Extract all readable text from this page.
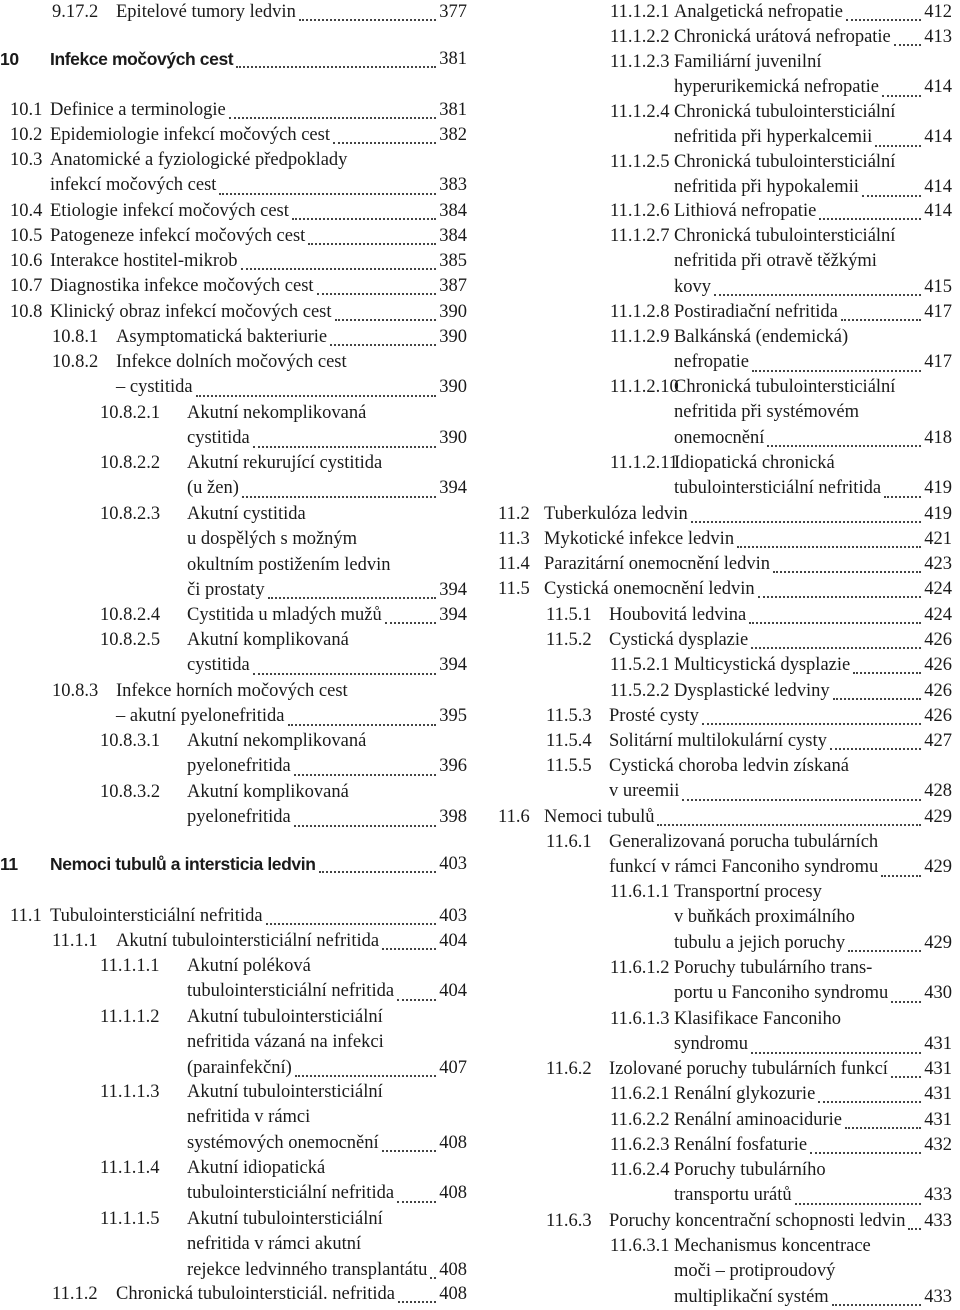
9.17.2 Epitelové tumory ledvin	377
10 Infekce močových cest	381
10.1 Definice a terminologie	381
10.2 Epidemiologie infekcí močových cest	382
10.3 Anatomické a fyziologické předpoklady
infekcí močových cest	383
10.4 Etiologie infekcí močových cest	384
10.5 Patogeneze infekcí močových cest	384
10.6 Interakce hostitel-mikrob	385
10.7 Diagnostika infekce močových cest	387
10.8 Klinický obraz infekcí močových cest	390
10.8.1 Asymptomatická bakteriurie	390
10.8.2 Infekce dolních močových cest
– cystitida	390
10.8.2.1 Akutní nekomplikovaná
cystitida	390
10.8.2.2 Akutní rekurující cystitida
(u žen)	394
10.8.2.3 Akutní cystitida
u dospělých s možným
okultním postižením ledvin
či prostaty	394
10.8.2.4 Cystitida u mladých mužů	394
10.8.2.5 Akutní komplikovaná
cystitida	394
10.8.3 Infekce horních močových cest
– akutní pyelonefritida	395
10.8.3.1 Akutní nekomplikovaná
pyelonefritida	396
10.8.3.2 Akutní komplikovaná
pyelonefritida	398
11 Nemoci tubulů a intersticia ledvin	403
11.1 Tubulointersticiální nefritida	403
11.1.1 Akutní tubulointersticiální nefritida	404
11.1.1.1 Akutní poléková
tubulointersticiální nefritida 404
11.1.1.2 Akutní tubulointersticiální
nefritida vázaná na infekci
(parainfekční)	407
11.1.1.3 Akutní tubulointersticiální
nefritida v rámci
systémových onemocnění	408
11.1.1.4 Akutní idiopatická
tubulointersticiální nefritida 408
11.1.1.5 Akutní tubulointersticiální
nefritida v rámci akutní
rejekce ledvinného transplantátu 408
11.1.2 Chronická tubulointersticiál. nefritida 408
11.1.2.1 Analgetická nefropatie	412
11.1.2.2 Chronická urátová nefropatie 413
11.1.2.3 Familiární juvenilní
hyperurikemická nefropatie 414
11.1.2.4 Chronická tubulointersticiální
nefritida při hyperkalcemii	414
11.1.2.5 Chronická tubulointersticiální
nefritida při hypokalemii	414
11.1.2.6 Lithiová nefropatie	414
11.1.2.7 Chronická tubulointersticiální
nefritida při otravě těžkými
kovy	415
11.1.2.8 Postiradiační nefritida	417
11.1.2.9 Balkánská (endemická)
nefropatie	417
11.1.2.10
Chronická tubulointersticiální
nefritida při systémovém
onemocnění	418
11.1.2.11
Idiopatická chronická
tubulointersticiální nefritida 419
11.2 Tuberkulóza ledvin	419
11.3 Mykotické infekce ledvin	421
11.4 Parazitární onemocnění ledvin	423
11.5 Cystická onemocnění ledvin	424
11.5.1 Houbovitá ledvina	424
11.5.2 Cystická dysplazie	426
11.5.2.1 Multicystická dysplazie	426
11.5.2.2 Dysplastické ledviny	426
11.5.3 Prosté cysty	426
11.5.4 Solitární multilokulární cysty	427
11.5.5 Cystická choroba ledvin získaná
v ureemii	428
11.6 Nemoci tubulů	429
11.6.1 Generalizovaná porucha tubulárních
funkcí v rámci Fanconiho syndromu 429
11.6.1.1 Transportní procesy
v buňkách proximálního
tubulu a jejich poruchy	429
11.6.1.2 Poruchy tubulárního trans-
portu u Fanconiho syndromu 430
11.6.1.3 Klasifikace Fanconiho
syndromu	431
11.6.2 Izolované poruchy tubulárních funkcí 431
11.6.2.1 Renální glykozurie	431
11.6.2.2 Renální aminoacidurie	431
11.6.2.3 Renální fosfaturie	432
11.6.2.4 Poruchy tubulárního
transportu urátů	433
11.6.3 Poruchy koncentrační schopnosti ledvin 433
11.6.3.1 Mechanismus koncentrace
moči – protiproudový
multiplikační systém	433
